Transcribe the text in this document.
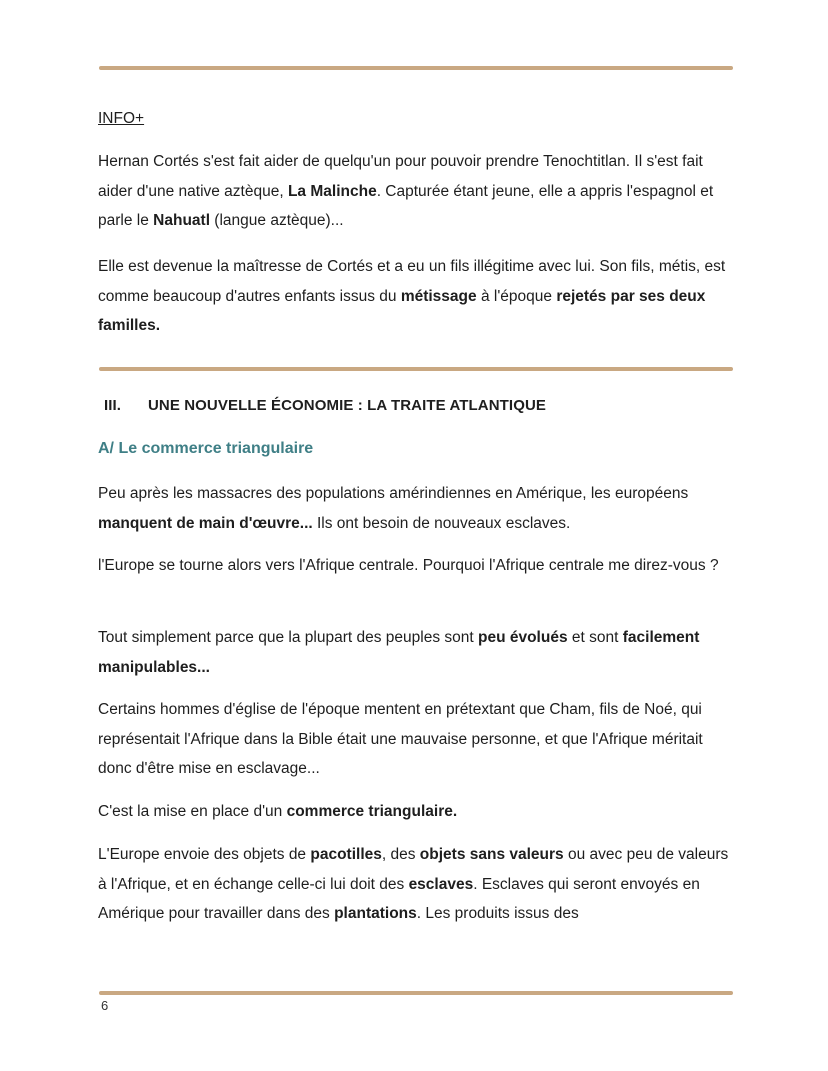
INFO+

Hernan Cortés s'est fait aider de quelqu'un pour pouvoir prendre Tenochtitlan. Il s'est fait aider d'une native aztèque, La Malinche. Capturée étant jeune, elle a appris l'espagnol et parle le Nahuatl (langue aztèque)...

Elle est devenue la maîtresse de Cortés et a eu un fils illégitime avec lui. Son fils, métis, est comme beaucoup d'autres enfants issus du métissage à l'époque rejetés par ses deux familles.

III. UNE NOUVELLE ÉCONOMIE : LA TRAITE ATLANTIQUE
A/ Le commerce triangulaire

Peu après les massacres des populations amérindiennes en Amérique, les européens manquent de main d'œuvre... Ils ont besoin de nouveaux esclaves.

l'Europe se tourne alors vers l'Afrique centrale. Pourquoi l'Afrique centrale me direz-vous ?

Tout simplement parce que la plupart des peuples sont peu évolués et sont facilement manipulables...

Certains hommes d'église de l'époque mentent en prétextant que Cham, fils de Noé, qui représentait l'Afrique dans la Bible était une mauvaise personne, et que l'Afrique méritait donc d'être mise en esclavage...

C'est la mise en place d'un commerce triangulaire.

L'Europe envoie des objets de pacotilles, des objets sans valeurs ou avec peu de valeurs à l'Afrique, et en échange celle-ci lui doit des esclaves. Esclaves qui seront envoyés en Amérique pour travailler dans des plantations. Les produits issus des

6
